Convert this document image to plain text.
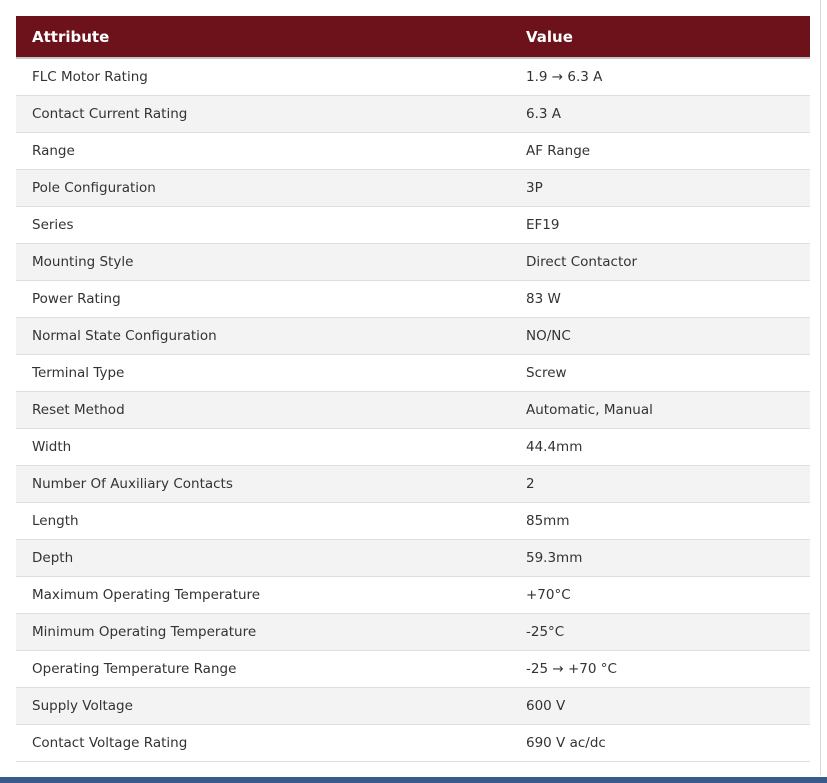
Attribute	Value
FLC Motor Rating	1.9 → 6.3 A
Contact Current Rating	6.3 A
Range	AF Range
Pole Configuration	3P
Series	EF19
Mounting Style	Direct Contactor
Power Rating	83 W
Normal State Configuration	NO/NC
Terminal Type	Screw
Reset Method	Automatic, Manual
Width	44.4mm
Number Of Auxiliary Contacts	2
Length	85mm
Depth	59.3mm
Maximum Operating Temperature	+70°C
Minimum Operating Temperature	-25°C
Operating Temperature Range	-25 → +70 °C
Supply Voltage	600 V
Contact Voltage Rating	690 V ac/dc
